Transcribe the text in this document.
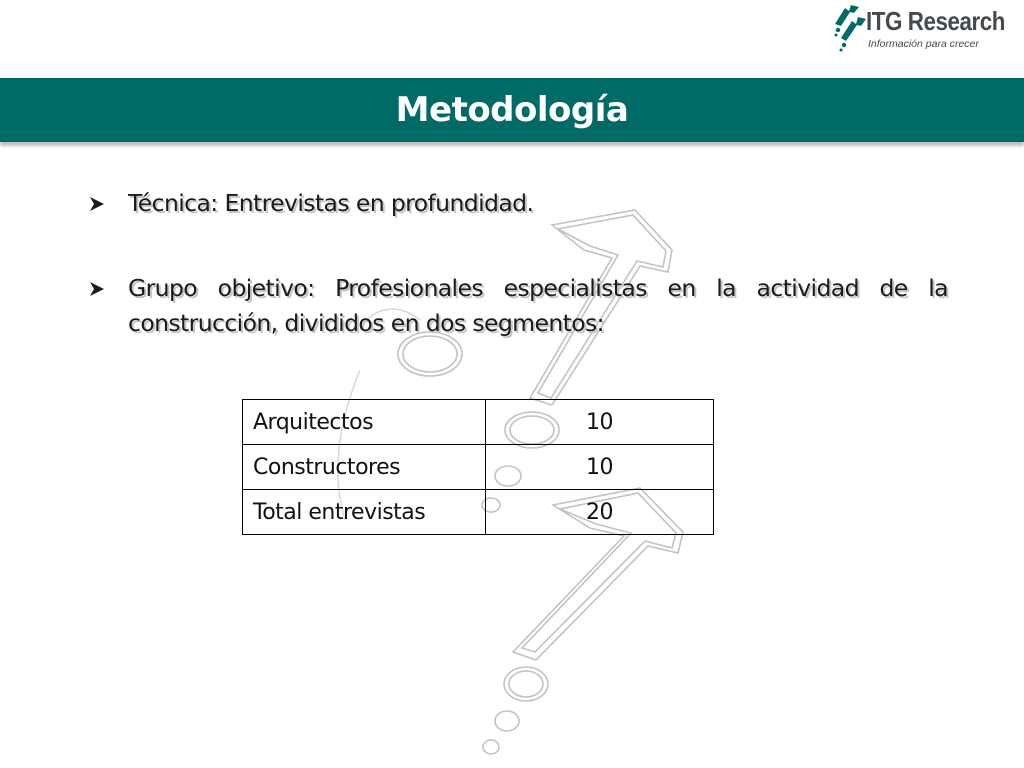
ITG Research
Información para crecer
Metodología
Técnica: Entrevistas en profundidad.
Grupo objetivo: Profesionales especialistas en la actividad de la construcción, divididos en dos segmentos:
Arquitectos	10
Constructores	10
Total entrevistas	20
